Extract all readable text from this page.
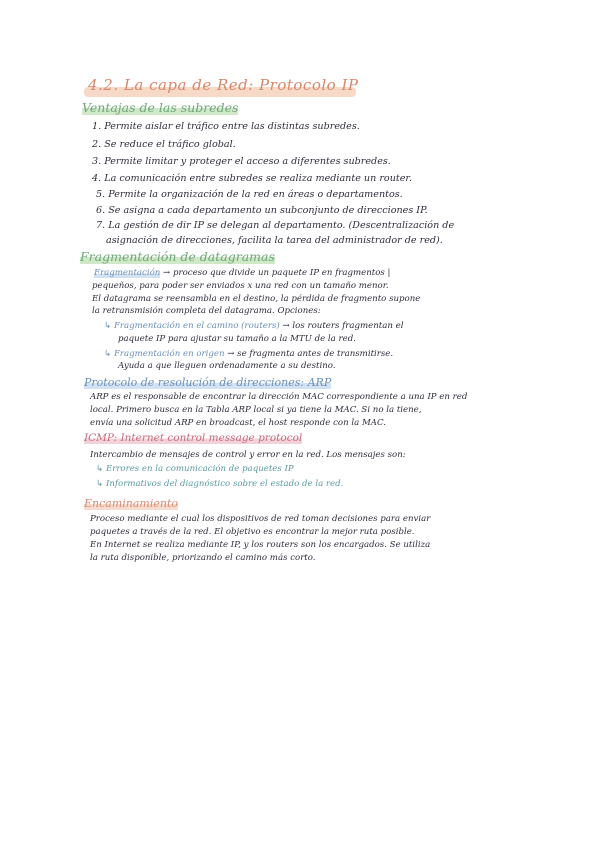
4.2. La capa de Red: Protocolo IP
Ventajas de las subredes
1. Permite aislar el tráfico entre las distintas subredes.
2. Se reduce el tráfico global.
3. Permite limitar y proteger el acceso a diferentes subredes.
4. La comunicación entre subredes se realiza mediante un router.
5. Permite la organización de la red en áreas o departamentos.
6. Se asigna a cada departamento un subconjunto de direcciones IP.
7. La gestión de dir IP se delegan al departamento. (Descentralización de
asignación de direcciones, facilita la tarea del administrador de red).
Fragmentación de datagramas
Fragmentación → proceso que divide un paquete IP en fragmentos |
pequeños, para poder ser enviados x una red con un tamaño menor.
El datagrama se reensambla en el destino, la pérdida de fragmento supone
la retransmisión completa del datagrama. Opciones:
↳ Fragmentación en el camino (routers) → los routers fragmentan el
paquete IP para ajustar su tamaño a la MTU de la red.
↳ Fragmentación en origen → se fragmenta antes de transmitirse.
Ayuda a que lleguen ordenadamente a su destino.
Protocolo de resolución de direcciones: ARP
ARP es el responsable de encontrar la dirección MAC correspondiente a una IP en red
local. Primero busca en la Tabla ARP local si ya tiene la MAC. Si no la tiene,
envía una solicitud ARP en broadcast, el host responde con la MAC.
ICMP: Internet control message protocol
Intercambio de mensajes de control y error en la red. Los mensajes son:
↳ Errores en la comunicación de paquetes IP
↳ Informativos del diagnóstico sobre el estado de la red.
Encaminamiento
Proceso mediante el cual los dispositivos de red toman decisiones para enviar
paquetes a través de la red. El objetivo es encontrar la mejor ruta posible.
En Internet se realiza mediante IP, y los routers son los encargados. Se utiliza
la ruta disponible, priorizando el camino más corto.
